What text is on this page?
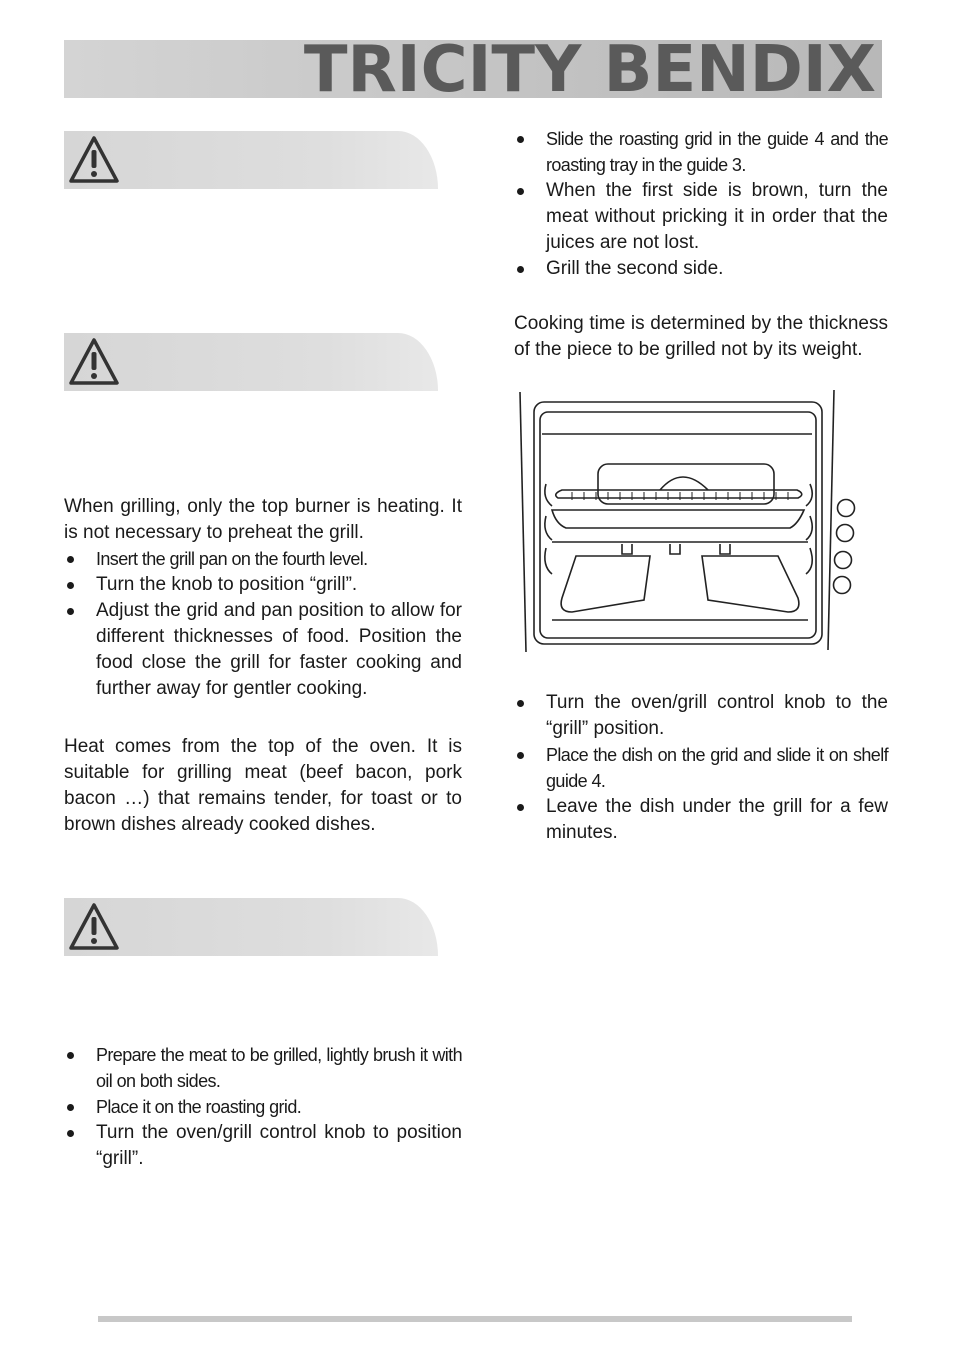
TRICITY BENDIX

When grilling, only the top burner is heating. It is not necessary to preheat the grill.

Insert the grill pan on the fourth level.
Turn the knob to position “grill”.
Adjust the grid and pan position to allow for different thicknesses of food. Position the food close the grill for faster cooking and further away for gentler cooking.

Heat comes from the top of the oven. It is suitable for grilling meat (beef bacon, pork bacon …) that remains tender, for toast or to brown dishes already cooked dishes.

Prepare the meat to be grilled, lightly brush it with oil on both sides.
Place it on the roasting grid.
Turn the oven/grill control knob to position “grill”.
Slide the roasting grid in the guide 4 and the roasting tray in the guide 3.
When the first side is brown, turn the meat without pricking it in order that the juices are not lost.
Grill the second side.

Cooking time is determined by the thickness of the piece to be grilled not by its weight.

Turn the oven/grill control knob to the “grill” position.
Place the dish on the grid and slide it on shelf guide 4.
Leave the dish under the grill for a few minutes.
